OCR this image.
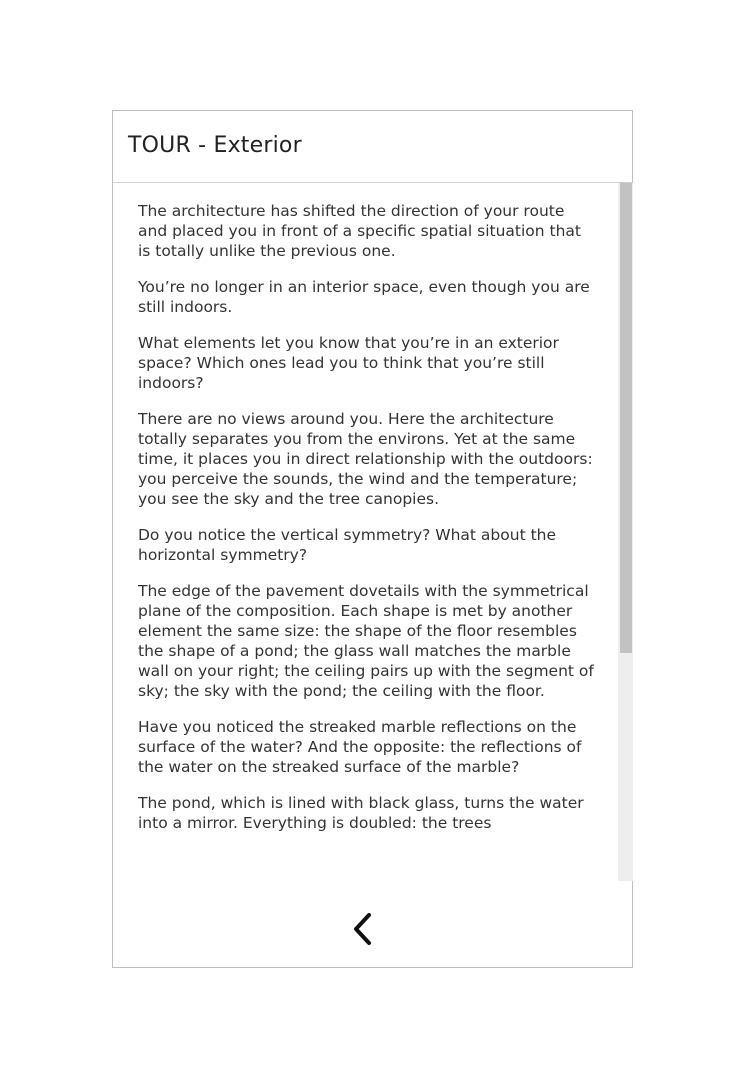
TOUR - Exterior

The architecture has shifted the direction of your route and placed you in front of a specific spatial situation that is totally unlike the previous one.

You’re no longer in an interior space, even though you are still indoors.

What elements let you know that you’re in an exterior space? Which ones lead you to think that you’re still indoors?

There are no views around you. Here the architecture totally separates you from the environs. Yet at the same time, it places you in direct relationship with the outdoors: you perceive the sounds, the wind and the temperature; you see the sky and the tree canopies.

Do you notice the vertical symmetry? What about the horizontal symmetry?

The edge of the pavement dovetails with the symmetrical plane of the composition. Each shape is met by another element the same size: the shape of the floor resembles the shape of a pond; the glass wall matches the marble wall on your right; the ceiling pairs up with the segment of sky; the sky with the pond; the ceiling with the floor.

Have you noticed the streaked marble reflections on the surface of the water? And the opposite: the reflections of the water on the streaked surface of the marble?

The pond, which is lined with black glass, turns the water into a mirror. Everything is doubled: the trees
